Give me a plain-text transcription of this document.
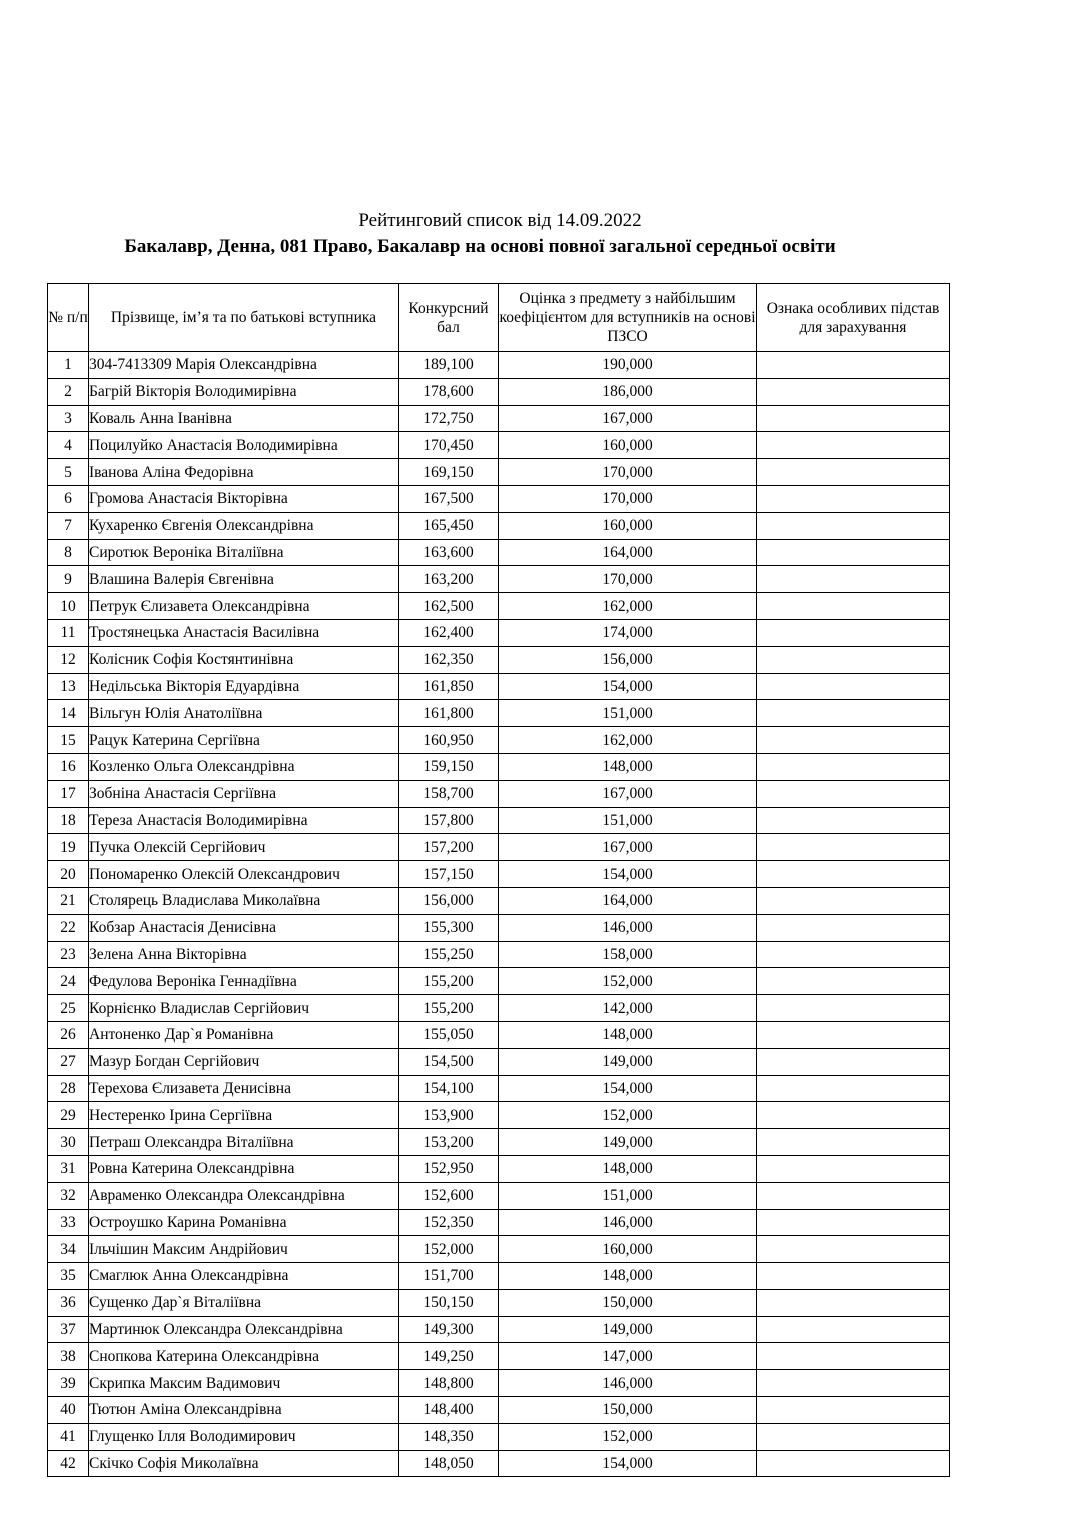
Рейтинговий список від 14.09.2022
Бакалавр, Денна, 081 Право, Бакалавр на основі повної загальної середньої освіти
№ п/п	Прізвище, ім’я та по батькові вступника	Конкурсний бал	Оцінка з предмету з найбільшим коефіцієнтом для вступників на основі ПЗСО	Ознака особливих підстав для зарахування
1	304-7413309 Марія Олександрівна	189,100	190,000	
2	Багрій Вікторія Володимирівна	178,600	186,000	
3	Коваль Анна Іванівна	172,750	167,000	
4	Поцилуйко Анастасія Володимирівна	170,450	160,000	
5	Іванова Аліна Федорівна	169,150	170,000	
6	Громова Анастасія Вікторівна	167,500	170,000	
7	Кухаренко Євгенія Олександрівна	165,450	160,000	
8	Сиротюк Вероніка Віталіївна	163,600	164,000	
9	Влашина Валерія Євгенівна	163,200	170,000	
10	Петрук Єлизавета Олександрівна	162,500	162,000	
11	Тростянецька Анастасія Василівна	162,400	174,000	
12	Колісник Софія Костянтинівна	162,350	156,000	
13	Недільська Вікторія Едуардівна	161,850	154,000	
14	Вільгун Юлія Анатоліївна	161,800	151,000	
15	Рацук Катерина Сергіївна	160,950	162,000	
16	Козленко Ольга Олександрівна	159,150	148,000	
17	Зобніна Анастасія Сергіївна	158,700	167,000	
18	Тереза Анастасія Володимирівна	157,800	151,000	
19	Пучка Олексій Сергійович	157,200	167,000	
20	Пономаренко Олексій Олександрович	157,150	154,000	
21	Столярець Владислава Миколаївна	156,000	164,000	
22	Кобзар Анастасія Денисівна	155,300	146,000	
23	Зелена Анна Вікторівна	155,250	158,000	
24	Федулова Вероніка Геннадіївна	155,200	152,000	
25	Корнієнко Владислав Сергійович	155,200	142,000	
26	Антоненко Дар`я Романівна	155,050	148,000	
27	Мазур Богдан Сергійович	154,500	149,000	
28	Терехова Єлизавета Денисівна	154,100	154,000	
29	Нестеренко Ірина Сергіївна	153,900	152,000	
30	Петраш Олександра Віталіївна	153,200	149,000	
31	Ровна Катерина Олександрівна	152,950	148,000	
32	Авраменко Олександра Олександрівна	152,600	151,000	
33	Остроушко Карина Романівна	152,350	146,000	
34	Ільчішин Максим Андрійович	152,000	160,000	
35	Смаглюк Анна Олександрівна	151,700	148,000	
36	Сущенко Дар`я Віталіївна	150,150	150,000	
37	Мартинюк Олександра Олександрівна	149,300	149,000	
38	Снопкова Катерина Олександрівна	149,250	147,000	
39	Скрипка Максим Вадимович	148,800	146,000	
40	Тютюн Аміна Олександрівна	148,400	150,000	
41	Глущенко Ілля Володимирович	148,350	152,000	
42	Скічко Софія Миколаївна	148,050	154,000	
